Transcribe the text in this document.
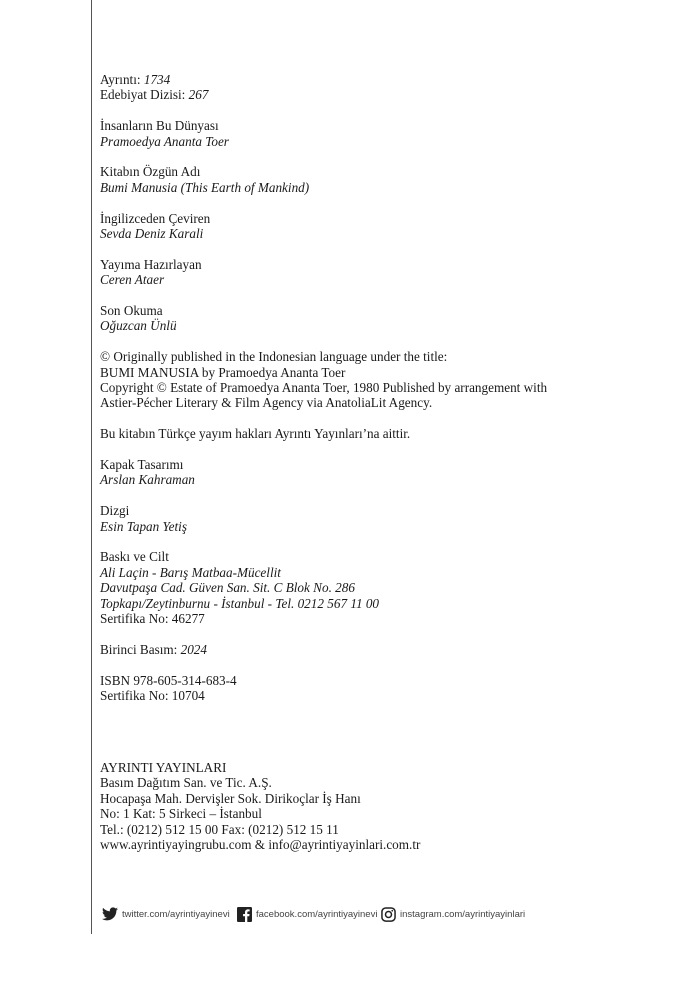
Ayrıntı: 1734
Edebiyat Dizisi: 267
İnsanların Bu Dünyası
Pramoedya Ananta Toer
Kitabın Özgün Adı
Bumi Manusia (This Earth of Mankind)
İngilizceden Çeviren
Sevda Deniz Karali
Yayıma Hazırlayan
Ceren Ataer
Son Okuma
Oğuzcan Ünlü
© Originally published in the Indonesian language under the title:
BUMI MANUSIA by Pramoedya Ananta Toer
Copyright © Estate of Pramoedya Ananta Toer, 1980 Published by arrangement with
Astier-Pécher Literary & Film Agency via AnatoliaLit Agency.
Bu kitabın Türkçe yayım hakları Ayrıntı Yayınları’na aittir.
Kapak Tasarımı
Arslan Kahraman
Dizgi
Esin Tapan Yetiş
Baskı ve Cilt
Ali Laçin - Barış Matbaa-Mücellit
Davutpaşa Cad. Güven San. Sit. C Blok No. 286
Topkapı/Zeytinburnu - İstanbul - Tel. 0212 567 11 00
Sertifika No: 46277
Birinci Basım: 2024
ISBN 978-605-314-683-4
Sertifika No: 10704
AYRINTI YAYINLARI
Basım Dağıtım San. ve Tic. A.Ş.
Hocapaşa Mah. Dervişler Sok. Dirikoçlar İş Hanı
No: 1 Kat: 5 Sirkeci – İstanbul
Tel.: (0212) 512 15 00 Fax: (0212) 512 15 11
www.ayrintiyayingrubu.com & info@ayrintiyayinlari.com.tr
twitter.com/ayrintiyayinevi	facebook.com/ayrintiyayinevi instagram.com/ayrintiyayinlari
